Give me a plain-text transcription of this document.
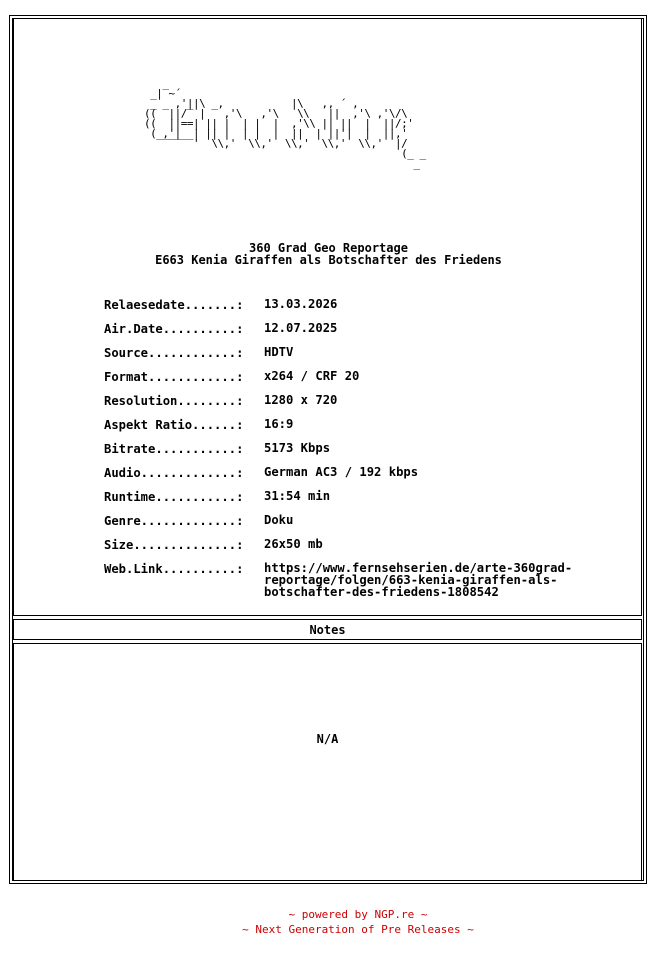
_|‾~´
_ _ ,'||\ _,           |\   ,, ´ ,
((  ||/‾ |   ,'\   ,'\   \\   ||  ,'\ ,'\/\
((  ||==| || |  | |  |  ,'\\ || ||  |  ||/;'
( ,'|  | || |  | |  |  ||  | ||'|  |  ||,'
‾‾‾‾‾‾'  \\,'  \\,'  \\,'  \\,'  \\,'  |/
(
‾_‾
360 Grad Geo Reportage
E663 Kenia Giraffen als Botschafter des Friedens
Relaesedate.......:	13.03.2026
Air.Date..........:	12.07.2025
Source............:	HDTV
Format............:	x264 / CRF 20
Resolution........:	1280 x 720
Aspekt Ratio......:	16:9
Bitrate...........:	5173 Kbps
Audio.............:	German AC3 / 192 kbps
Runtime...........:	31:54 min
Genre.............:	Doku
Size..............:	26x50 mb
Web.Link..........:	https://www.fernsehserien.de/arte-360grad-
reportage/folgen/663-kenia-giraffen-als-
botschafter-des-friedens-1808542
Notes
N/A
~ powered by NGP.re ~
~ Next Generation of Pre Releases ~
